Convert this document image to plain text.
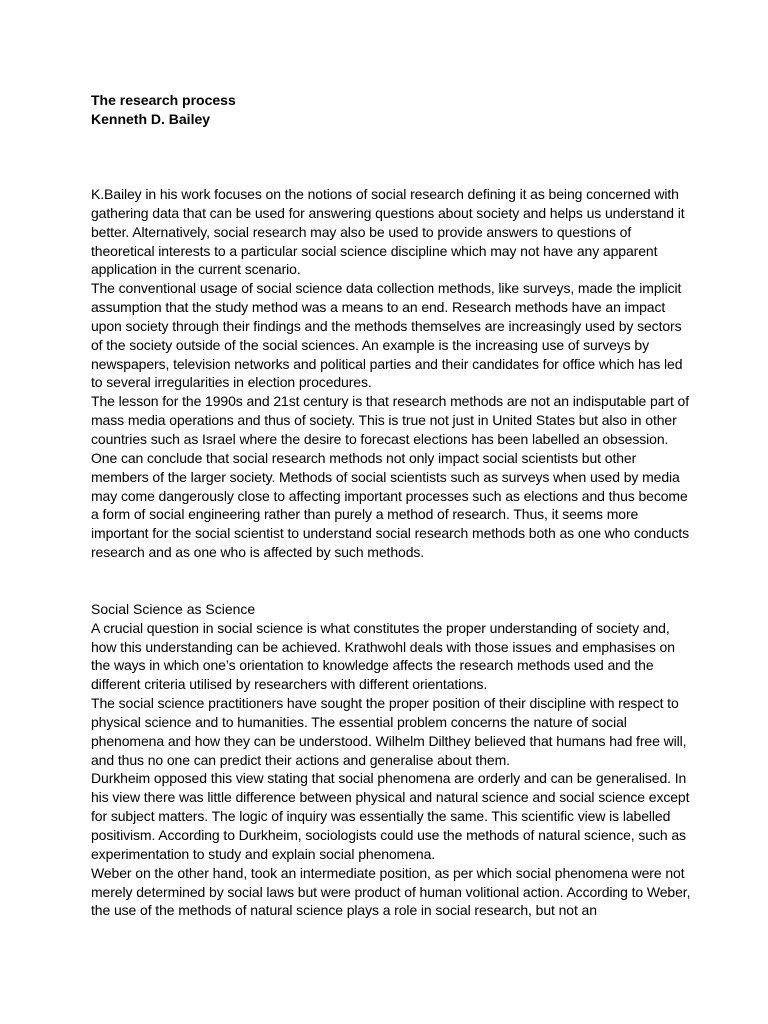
The research process

Kenneth D. Bailey

K.Bailey in his work focuses on the notions of social research defining it as being concerned with gathering data that can be used for answering questions about society and helps us understand it better. Alternatively, social research may also be used to provide answers to questions of theoretical interests to a particular social science discipline which may not have any apparent application in the current scenario.

The conventional usage of social science data collection methods, like surveys, made the implicit assumption that the study method was a means to an end. Research methods have an impact upon society through their findings and the methods themselves are increasingly used by sectors of the society outside of the social sciences. An example is the increasing use of surveys by newspapers, television networks and political parties and their candidates for office which has led to several irregularities in election procedures.

The lesson for the 1990s and 21st century is that research methods are not an indisputable part of mass media operations and thus of society. This is true not just in United States but also in other countries such as Israel where the desire to forecast elections has been labelled an obsession.

One can conclude that social research methods not only impact social scientists but other members of the larger society. Methods of social scientists such as surveys when used by media may come dangerously close to affecting important processes such as elections and thus become a form of social engineering rather than purely a method of research. Thus, it seems more important for the social scientist to understand social research methods both as one who conducts research and as one who is affected by such methods.

Social Science as Science

A crucial question in social science is what constitutes the proper understanding of society and, how this understanding can be achieved. Krathwohl deals with those issues and emphasises on the ways in which one’s orientation to knowledge affects the research methods used and the different criteria utilised by researchers with different orientations.

The social science practitioners have sought the proper position of their discipline with respect to physical science and to humanities. The essential problem concerns the nature of social phenomena and how they can be understood. Wilhelm Dilthey believed that humans had free will, and thus no one can predict their actions and generalise about them.

Durkheim opposed this view stating that social phenomena are orderly and can be generalised. In his view there was little difference between physical and natural science and social science except for subject matters. The logic of inquiry was essentially the same. This scientific view is labelled positivism. According to Durkheim, sociologists could use the methods of natural science, such as experimentation to study and explain social phenomena.

Weber on the other hand, took an intermediate position, as per which social phenomena were not merely determined by social laws but were product of human volitional action. According to Weber, the use of the methods of natural science plays a role in social research, but not an
